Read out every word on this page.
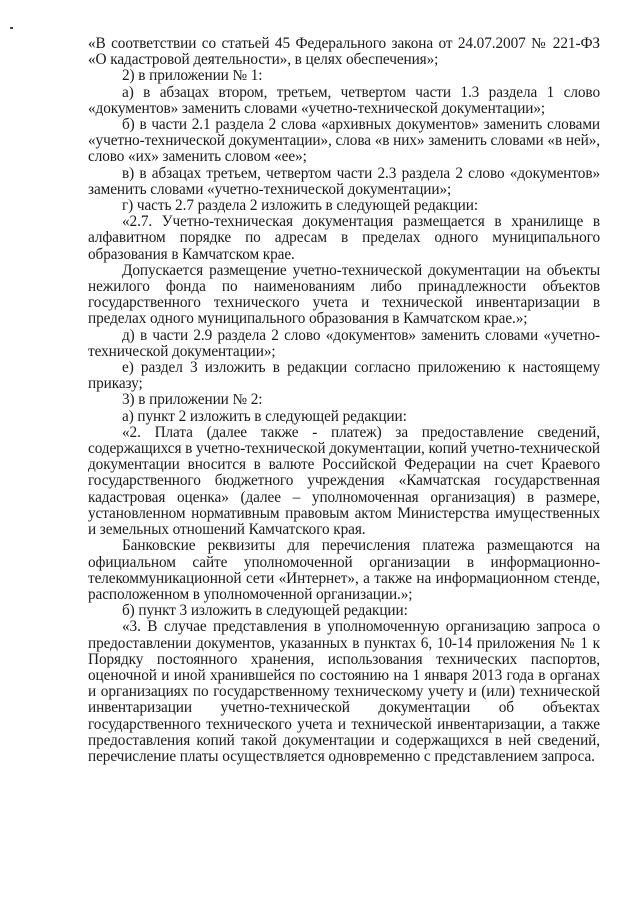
«В соответствии со статьей 45 Федерального закона от 24.07.2007 № 221-ФЗ «О кадастровой деятельности», в целях обеспечения»;

2) в приложении № 1:

а) в абзацах втором, третьем, четвертом части 1.3 раздела 1 слово «документов» заменить словами «учетно-технической документации»;

б) в части 2.1 раздела 2 слова «архивных документов» заменить словами «учетно-технической документации», слова «в них» заменить словами «в ней», слово «их» заменить словом «ее»;

в) в абзацах третьем, четвертом части 2.3 раздела 2 слово «документов» заменить словами «учетно-технической документации»;

г) часть 2.7 раздела 2 изложить в следующей редакции:

«2.7. Учетно-техническая документация размещается в хранилище в алфавитном порядке по адресам в пределах одного муниципального образования в Камчатском крае.

Допускается размещение учетно-технической документации на объекты нежилого фонда по наименованиям либо принадлежности объектов государственного технического учета и технической инвентаризации в пределах одного муниципального образования в Камчатском крае.»;

д) в части 2.9 раздела 2 слово «документов» заменить словами «учетно-технической документации»;

е) раздел 3 изложить в редакции согласно приложению к настоящему приказу;

3) в приложении № 2:

а) пункт 2 изложить в следующей редакции:

«2. Плата (далее также - платеж) за предоставление сведений, содержащихся в учетно-технической документации, копий учетно-технической документации вносится в валюте Российской Федерации на счет Краевого государственного бюджетного учреждения «Камчатская государственная кадастровая оценка» (далее – уполномоченная организация) в размере, установленном нормативным правовым актом Министерства имущественных и земельных отношений Камчатского края.

Банковские реквизиты для перечисления платежа размещаются на официальном сайте уполномоченной организации в информационно-телекоммуникационной сети «Интернет», а также на информационном стенде, расположенном в уполномоченной организации.»;

б) пункт 3 изложить в следующей редакции:

«3. В случае представления в уполномоченную организацию запроса о предоставлении документов, указанных в пунктах 6, 10-14 приложения № 1 к Порядку постоянного хранения, использования технических паспортов, оценочной и иной хранившейся по состоянию на 1 января 2013 года в органах и организациях по государственному техническому учету и (или) технической инвентаризации учетно-технической документации об объектах государственного технического учета и технической инвентаризации, а также предоставления копий такой документации и содержащихся в ней сведений, перечисление платы осуществляется одновременно с представлением запроса.
